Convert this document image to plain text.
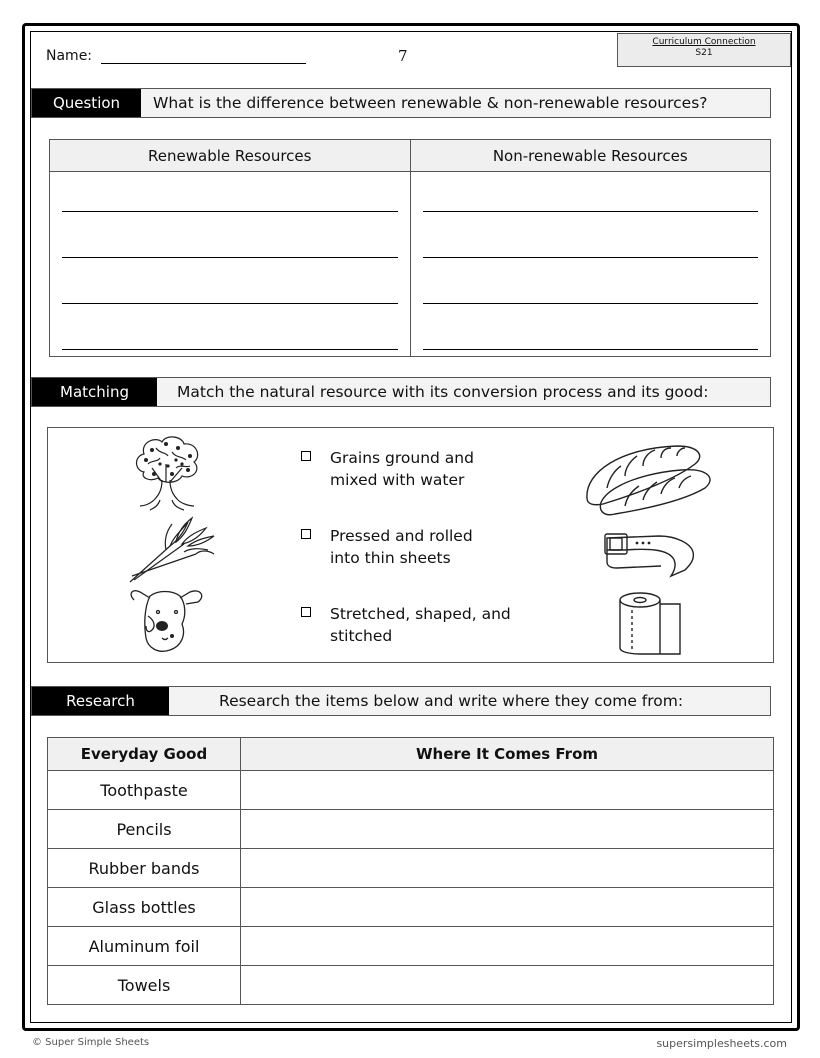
Name:	7
Curriculum Connection
S21
Question	What is the difference between renewable & non-renewable resources?
Renewable Resources	Non-renewable Resources

Matching	Match the natural resource with its conversion process and its good:
Grains ground and
mixed with water
Pressed and rolled
into thin sheets
Stretched, shaped, and
stitched
Research	Research the items below and write where they come from:
Everyday Good	Where It Comes From
Toothpaste	
Pencils	
Rubber bands	
Glass bottles	
Aluminum foil	
Towels	
© Super Simple Sheets	supersimplesheets.com
